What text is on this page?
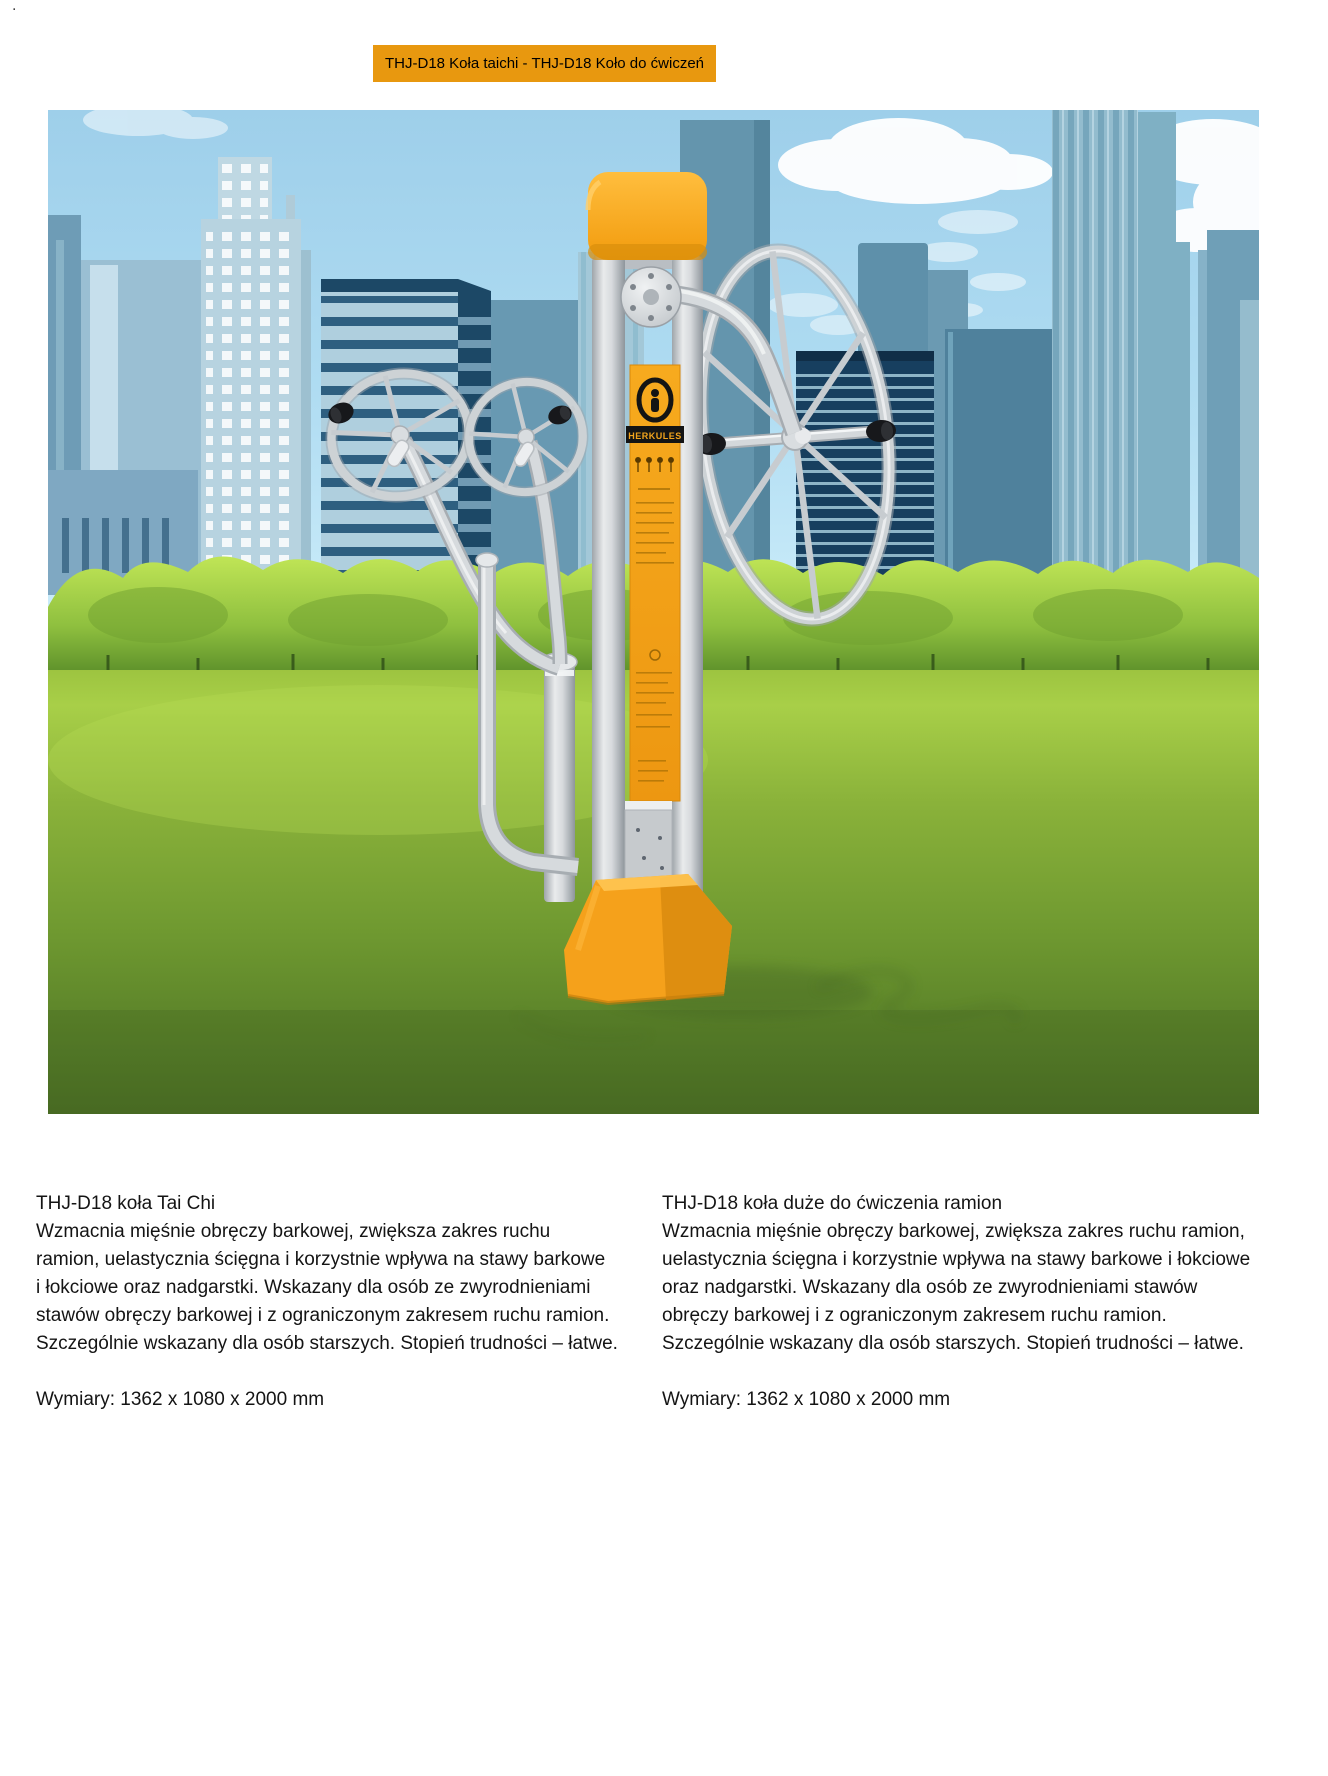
.
THJ-D18 Koła taichi - THJ-D18 Koło do ćwiczeń
HERKULES
THJ-D18 koła Tai Chi
Wzmacnia mięśnie obręczy barkowej, zwiększa zakres ruchu
ramion, uelastycznia ścięgna i korzystnie wpływa na stawy barkowe
i łokciowe oraz nadgarstki. Wskazany dla osób ze zwyrodnieniami
stawów obręczy barkowej i z ograniczonym zakresem ruchu ramion.
Szczególnie wskazany dla osób starszych. Stopień trudności – łatwe.
Wymiary: 1362 x 1080 x 2000 mm
THJ-D18 koła duże do ćwiczenia ramion
Wzmacnia mięśnie obręczy barkowej, zwiększa zakres ruchu ramion,
uelastycznia ścięgna i korzystnie wpływa na stawy barkowe i łokciowe
oraz nadgarstki. Wskazany dla osób ze zwyrodnieniami stawów
obręczy barkowej i z ograniczonym zakresem ruchu ramion.
Szczególnie wskazany dla osób starszych. Stopień trudności – łatwe.
Wymiary: 1362 x 1080 x 2000 mm
